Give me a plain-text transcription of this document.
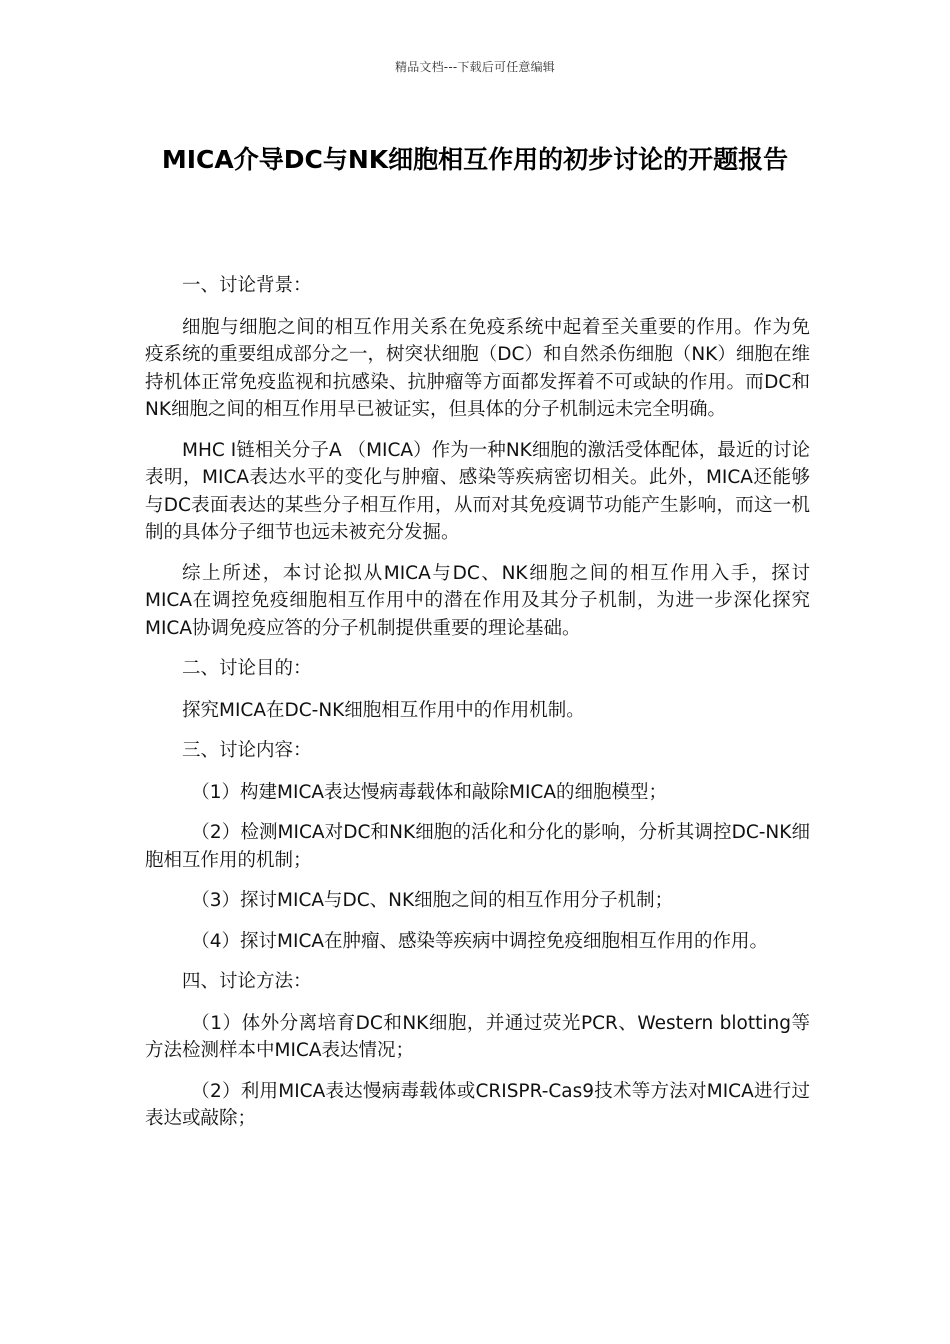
精品文档---下载后可任意编辑
MICA介导DC与NK细胞相互作用的初步讨论的开题报告

一、讨论背景：

细胞与细胞之间的相互作用关系在免疫系统中起着至关重要的作用。作为免疫系统的重要组成部分之一，树突状细胞（DC）和自然杀伤细胞（NK）细胞在维持机体正常免疫监视和抗感染、抗肿瘤等方面都发挥着不可或缺的作用。而DC和NK细胞之间的相互作用早已被证实，但具体的分子机制远未完全明确。

MHC I链相关分子A （MICA）作为一种NK细胞的激活受体配体，最近的讨论表明，MICA表达水平的变化与肿瘤、感染等疾病密切相关。此外，MICA还能够与DC表面表达的某些分子相互作用，从而对其免疫调节功能产生影响，而这一机制的具体分子细节也远未被充分发掘。

综上所述，本讨论拟从MICA与DC、NK细胞之间的相互作用入手，探讨MICA在调控免疫细胞相互作用中的潜在作用及其分子机制，为进一步深化探究MICA协调免疫应答的分子机制提供重要的理论基础。

二、讨论目的：

探究MICA在DC-NK细胞相互作用中的作用机制。

三、讨论内容：

（1）构建MICA表达慢病毒载体和敲除MICA的细胞模型；

（2）检测MICA对DC和NK细胞的活化和分化的影响，分析其调控DC-NK细胞相互作用的机制；

（3）探讨MICA与DC、NK细胞之间的相互作用分子机制；

（4）探讨MICA在肿瘤、感染等疾病中调控免疫细胞相互作用的作用。

四、讨论方法：

（1）体外分离培育DC和NK细胞，并通过荧光PCR、Western blotting等方法检测样本中MICA表达情况；

（2）利用MICA表达慢病毒载体或CRISPR-Cas9技术等方法对MICA进行过表达或敲除；
